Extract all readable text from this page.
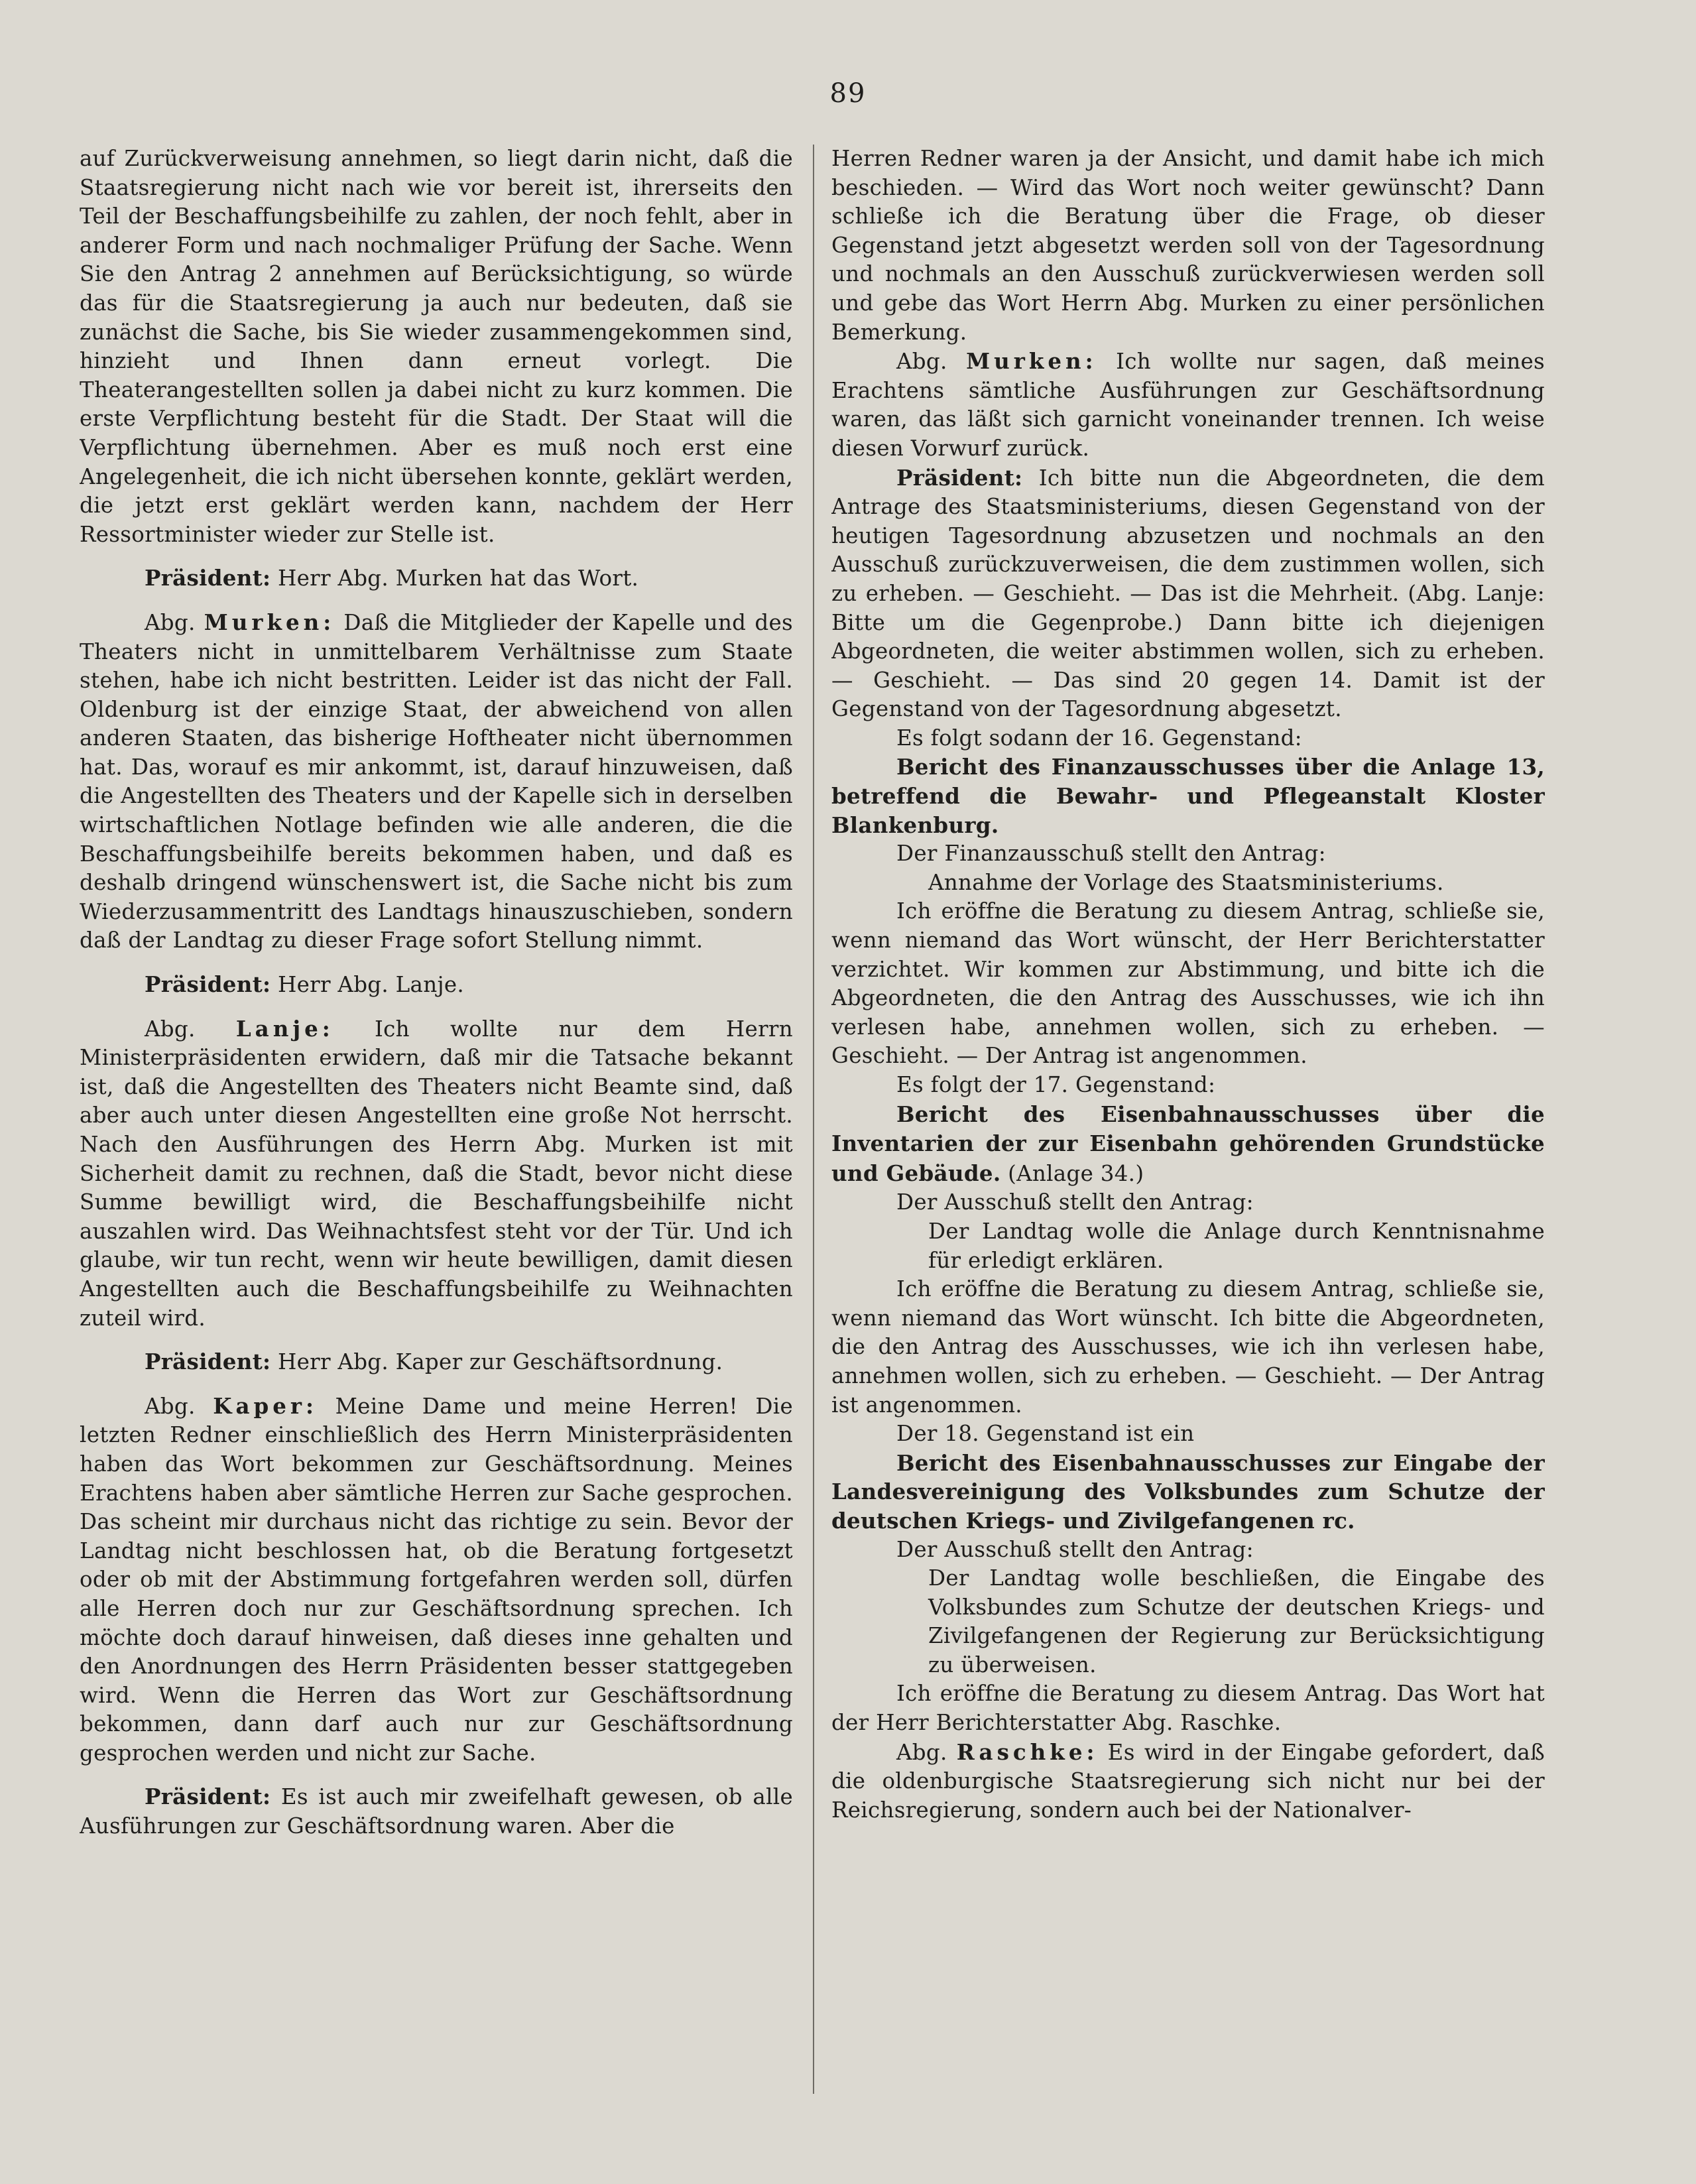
89

auf Zurückverweisung annehmen, so liegt darin nicht, daß die Staatsregierung nicht nach wie vor bereit ist, ihrerseits den Teil der Beschaffungsbeihilfe zu zahlen, der noch fehlt, aber in anderer Form und nach nochmaliger Prüfung der Sache. Wenn Sie den Antrag 2 annehmen auf Berücksichtigung, so würde das für die Staatsregierung ja auch nur bedeuten, daß sie zunächst die Sache, bis Sie wieder zusammengekommen sind, hinzieht und Ihnen dann erneut vorlegt. Die Theaterangestellten sollen ja dabei nicht zu kurz kommen. Die erste Verpflichtung besteht für die Stadt. Der Staat will die Verpflichtung übernehmen. Aber es muß noch erst eine Angelegenheit, die ich nicht übersehen konnte, geklärt werden, die jetzt erst geklärt werden kann, nachdem der Herr Ressortminister wieder zur Stelle ist.

Präsident: Herr Abg. Murken hat das Wort.

Abg. Murken: Daß die Mitglieder der Kapelle und des Theaters nicht in unmittelbarem Verhältnisse zum Staate stehen, habe ich nicht bestritten. Leider ist das nicht der Fall. Oldenburg ist der einzige Staat, der abweichend von allen anderen Staaten, das bisherige Hoftheater nicht übernommen hat. Das, worauf es mir ankommt, ist, darauf hinzuweisen, daß die Angestellten des Theaters und der Kapelle sich in derselben wirtschaftlichen Notlage befinden wie alle anderen, die die Beschaffungsbeihilfe bereits bekommen haben, und daß es deshalb dringend wünschenswert ist, die Sache nicht bis zum Wiederzusammentritt des Landtags hinauszuschieben, sondern daß der Landtag zu dieser Frage sofort Stellung nimmt.

Präsident: Herr Abg. Lanje.

Abg. Lanje: Ich wollte nur dem Herrn Ministerpräsidenten erwidern, daß mir die Tatsache bekannt ist, daß die Angestellten des Theaters nicht Beamte sind, daß aber auch unter diesen Angestellten eine große Not herrscht. Nach den Ausführungen des Herrn Abg. Murken ist mit Sicherheit damit zu rechnen, daß die Stadt, bevor nicht diese Summe bewilligt wird, die Beschaffungsbeihilfe nicht auszahlen wird. Das Weihnachtsfest steht vor der Tür. Und ich glaube, wir tun recht, wenn wir heute bewilligen, damit diesen Angestellten auch die Beschaffungsbeihilfe zu Weihnachten zuteil wird.

Präsident: Herr Abg. Kaper zur Geschäftsordnung.

Abg. Kaper: Meine Dame und meine Herren! Die letzten Redner einschließlich des Herrn Ministerpräsidenten haben das Wort bekommen zur Geschäftsordnung. Meines Erachtens haben aber sämtliche Herren zur Sache gesprochen. Das scheint mir durchaus nicht das richtige zu sein. Bevor der Landtag nicht beschlossen hat, ob die Beratung fortgesetzt oder ob mit der Abstimmung fortgefahren werden soll, dürfen alle Herren doch nur zur Geschäftsordnung sprechen. Ich möchte doch darauf hinweisen, daß dieses inne gehalten und den Anordnungen des Herrn Präsidenten besser stattgegeben wird. Wenn die Herren das Wort zur Geschäftsordnung bekommen, dann darf auch nur zur Geschäftsordnung gesprochen werden und nicht zur Sache.

Präsident: Es ist auch mir zweifelhaft gewesen, ob alle Ausführungen zur Geschäftsordnung waren. Aber die

Herren Redner waren ja der Ansicht, und damit habe ich mich beschieden. — Wird das Wort noch weiter gewünscht? Dann schließe ich die Beratung über die Frage, ob dieser Gegenstand jetzt abgesetzt werden soll von der Tagesordnung und nochmals an den Ausschuß zurückverwiesen werden soll und gebe das Wort Herrn Abg. Murken zu einer persönlichen Bemerkung.

Abg. Murken: Ich wollte nur sagen, daß meines Erachtens sämtliche Ausführungen zur Geschäftsordnung waren, das läßt sich garnicht voneinander trennen. Ich weise diesen Vorwurf zurück.

Präsident: Ich bitte nun die Abgeordneten, die dem Antrage des Staatsministeriums, diesen Gegenstand von der heutigen Tagesordnung abzusetzen und nochmals an den Ausschuß zurückzuverweisen, die dem zustimmen wollen, sich zu erheben. — Geschieht. — Das ist die Mehrheit. (Abg. Lanje: Bitte um die Gegenprobe.) Dann bitte ich diejenigen Abgeordneten, die weiter abstimmen wollen, sich zu erheben. — Geschieht. — Das sind 20 gegen 14. Damit ist der Gegenstand von der Tagesordnung abgesetzt.

Es folgt sodann der 16. Gegenstand:

Bericht des Finanzausschusses über die Anlage 13, betreffend die Bewahr- und Pflegeanstalt Kloster Blankenburg.

Der Finanzausschuß stellt den Antrag:

Annahme der Vorlage des Staatsministeriums.

Ich eröffne die Beratung zu diesem Antrag, schließe sie, wenn niemand das Wort wünscht, der Herr Berichterstatter verzichtet. Wir kommen zur Abstimmung, und bitte ich die Abgeordneten, die den Antrag des Ausschusses, wie ich ihn verlesen habe, annehmen wollen, sich zu erheben. — Geschieht. — Der Antrag ist angenommen.

Es folgt der 17. Gegenstand:

Bericht des Eisenbahnausschusses über die Inventarien der zur Eisenbahn gehörenden Grundstücke und Gebäude. (Anlage 34.)

Der Ausschuß stellt den Antrag:

Der Landtag wolle die Anlage durch Kenntnisnahme für erledigt erklären.

Ich eröffne die Beratung zu diesem Antrag, schließe sie, wenn niemand das Wort wünscht. Ich bitte die Abgeordneten, die den Antrag des Ausschusses, wie ich ihn verlesen habe, annehmen wollen, sich zu erheben. — Geschieht. — Der Antrag ist angenommen.

Der 18. Gegenstand ist ein

Bericht des Eisenbahnausschusses zur Eingabe der Landesvereinigung des Volksbundes zum Schutze der deutschen Kriegs- und Zivilgefangenen rc.

Der Ausschuß stellt den Antrag:

Der Landtag wolle beschließen, die Eingabe des Volksbundes zum Schutze der deutschen Kriegs- und Zivilgefangenen der Regierung zur Berücksichtigung zu überweisen.

Ich eröffne die Beratung zu diesem Antrag. Das Wort hat der Herr Berichterstatter Abg. Raschke.

Abg. Raschke: Es wird in der Eingabe gefordert, daß die oldenburgische Staatsregierung sich nicht nur bei der Reichsregierung, sondern auch bei der Nationalver-
